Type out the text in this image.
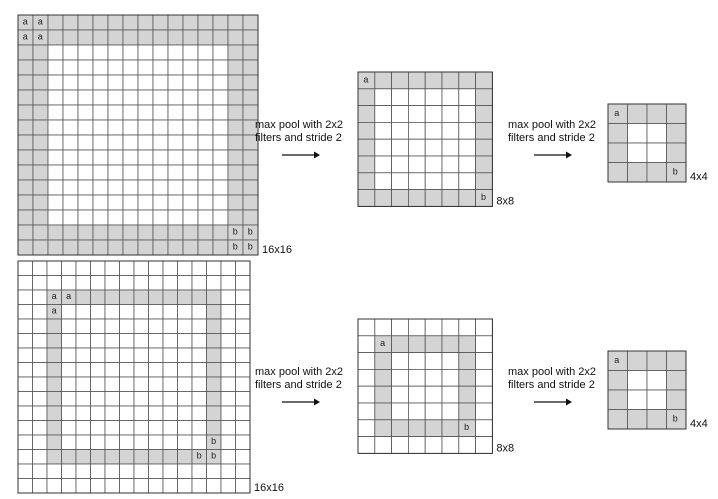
a a
a a
b b
b b 16x16
a
b 8x8
a
b 4x4
max pool with 2x2
filters and stride 2
max pool with 2x2
filters and stride 2
a a
a
b
b b
16x16
a
b
8x8
a
b 4x4
max pool with 2x2
filters and stride 2
max pool with 2x2
filters and stride 2
